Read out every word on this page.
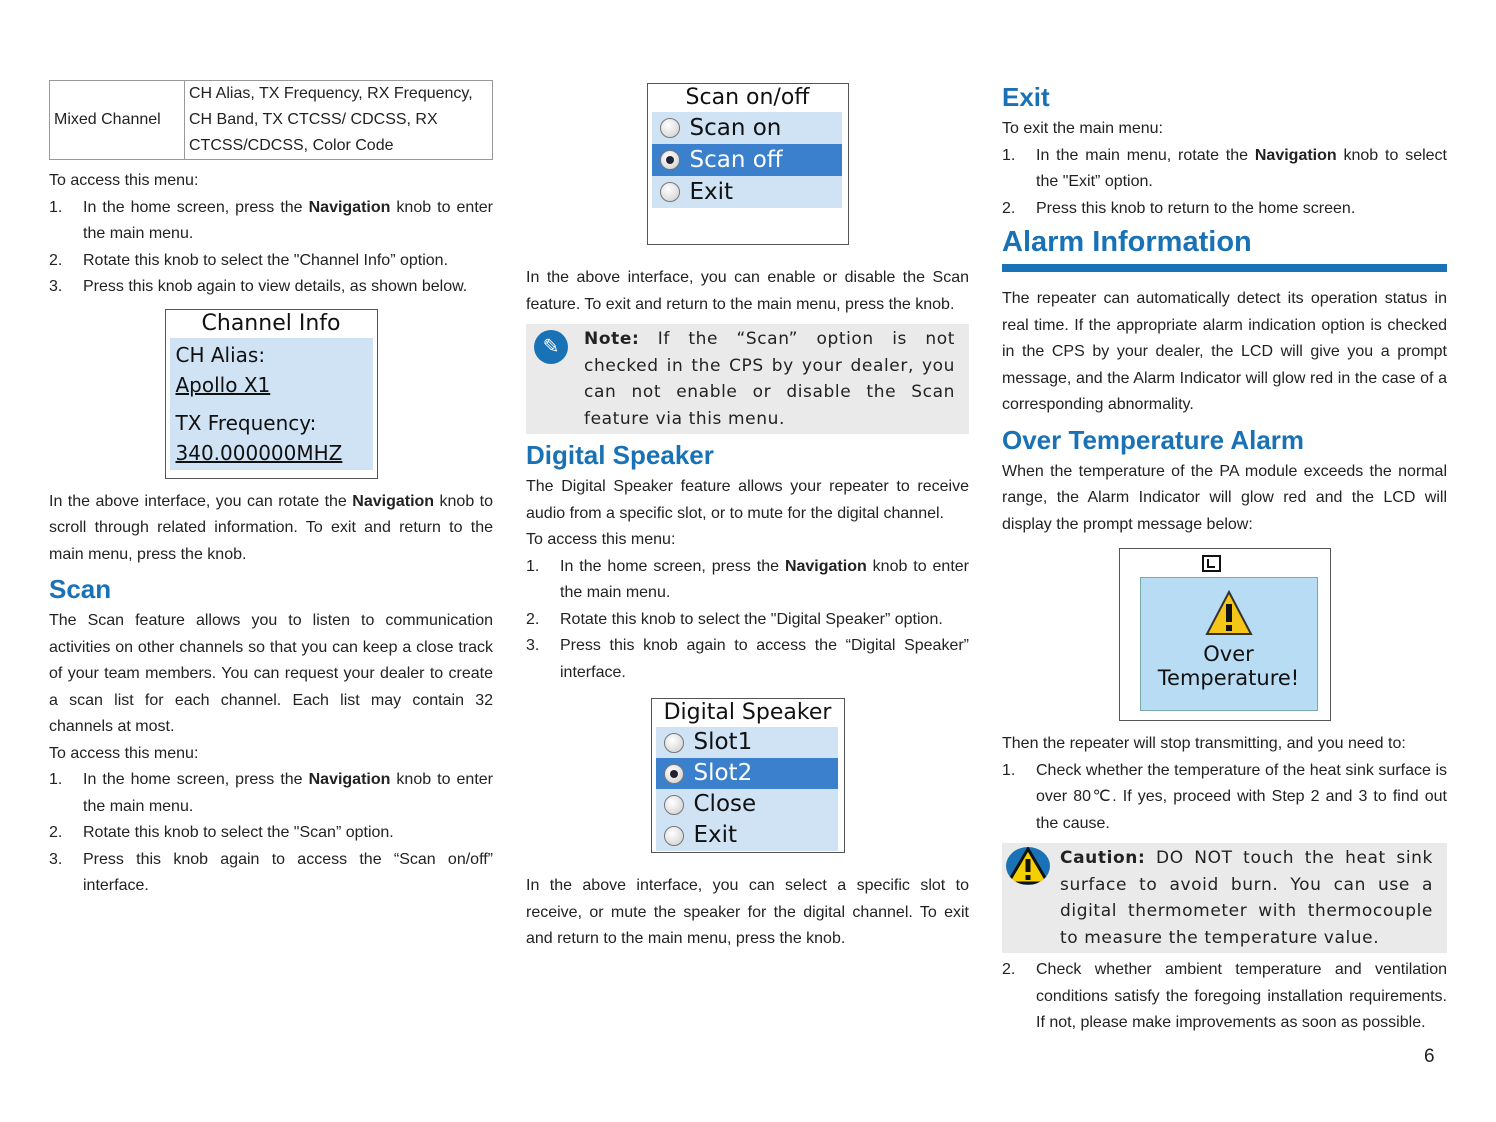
Mixed Channel	CH Alias, TX Frequency, RX Frequency, CH Band, TX CTCSS/ CDCSS, RX CTCSS/CDCSS, Color Code

To access this menu:

1. In the home screen, press the Navigation knob to enter the main menu.
2. Rotate this knob to select the "Channel Info” option.
3. Press this knob again to view details, as shown below.
Channel Info
CH Alias:
Apollo X1
TX Frequency:
340.000000MHZ

In the above interface, you can rotate the Navigation knob to scroll through related information. To exit and return to the main menu, press the knob.

Scan

The Scan feature allows you to listen to communication activities on other channels so that you can keep a close track of your team members. You can request your dealer to create a scan list for each channel. Each list may contain 32 channels at most.

To access this menu:

1. In the home screen, press the Navigation knob to enter the main menu.
2. Rotate this knob to select the "Scan” option.
3. Press this knob again to access the “Scan on/off” interface.
Scan on/off
Scan on
Scan off
Exit

In the above interface, you can enable or disable the Scan feature. To exit and return to the main menu, press the knob.

✎	Note: If the “Scan” option is not checked in the CPS by your dealer, you can not enable or disable the Scan feature via this menu.

Digital Speaker

The Digital Speaker feature allows your repeater to receive audio from a specific slot, or to mute for the digital channel.

To access this menu:

1. In the home screen, press the Navigation knob to enter the main menu.
2. Rotate this knob to select the "Digital Speaker” option.
3. Press this knob again to access the “Digital Speaker” interface.
Digital Speaker
Slot1
Slot2
Close
Exit

In the above interface, you can select a specific slot to receive, or mute the speaker for the digital channel. To exit and return to the main menu, press the knob.

Exit

To exit the main menu:

1. In the main menu, rotate the Navigation knob to select the "Exit” option.
2. Press this knob to return to the home screen.
Alarm Information

The repeater can automatically detect its operation status in real time. If the appropriate alarm indication option is checked in the CPS by your dealer, the LCD will give you a prompt message, and the Alarm Indicator will glow red in the case of a corresponding abnormality.

Over Temperature Alarm

When the temperature of the PA module exceeds the normal range, the Alarm Indicator will glow red and the LCD will display the prompt message below:

Over
Temperature!

Then the repeater will stop transmitting, and you need to:

1. Check whether the temperature of the heat sink surface is over 80℃. If yes, proceed with Step 2 and 3 to find out the cause.

Caution: DO NOT touch the heat sink surface to avoid burn. You can use a digital thermometer with thermocouple to measure the temperature value.

2. Check whether ambient temperature and ventilation conditions satisfy the foregoing installation requirements. If not, please make improvements as soon as possible.
6
